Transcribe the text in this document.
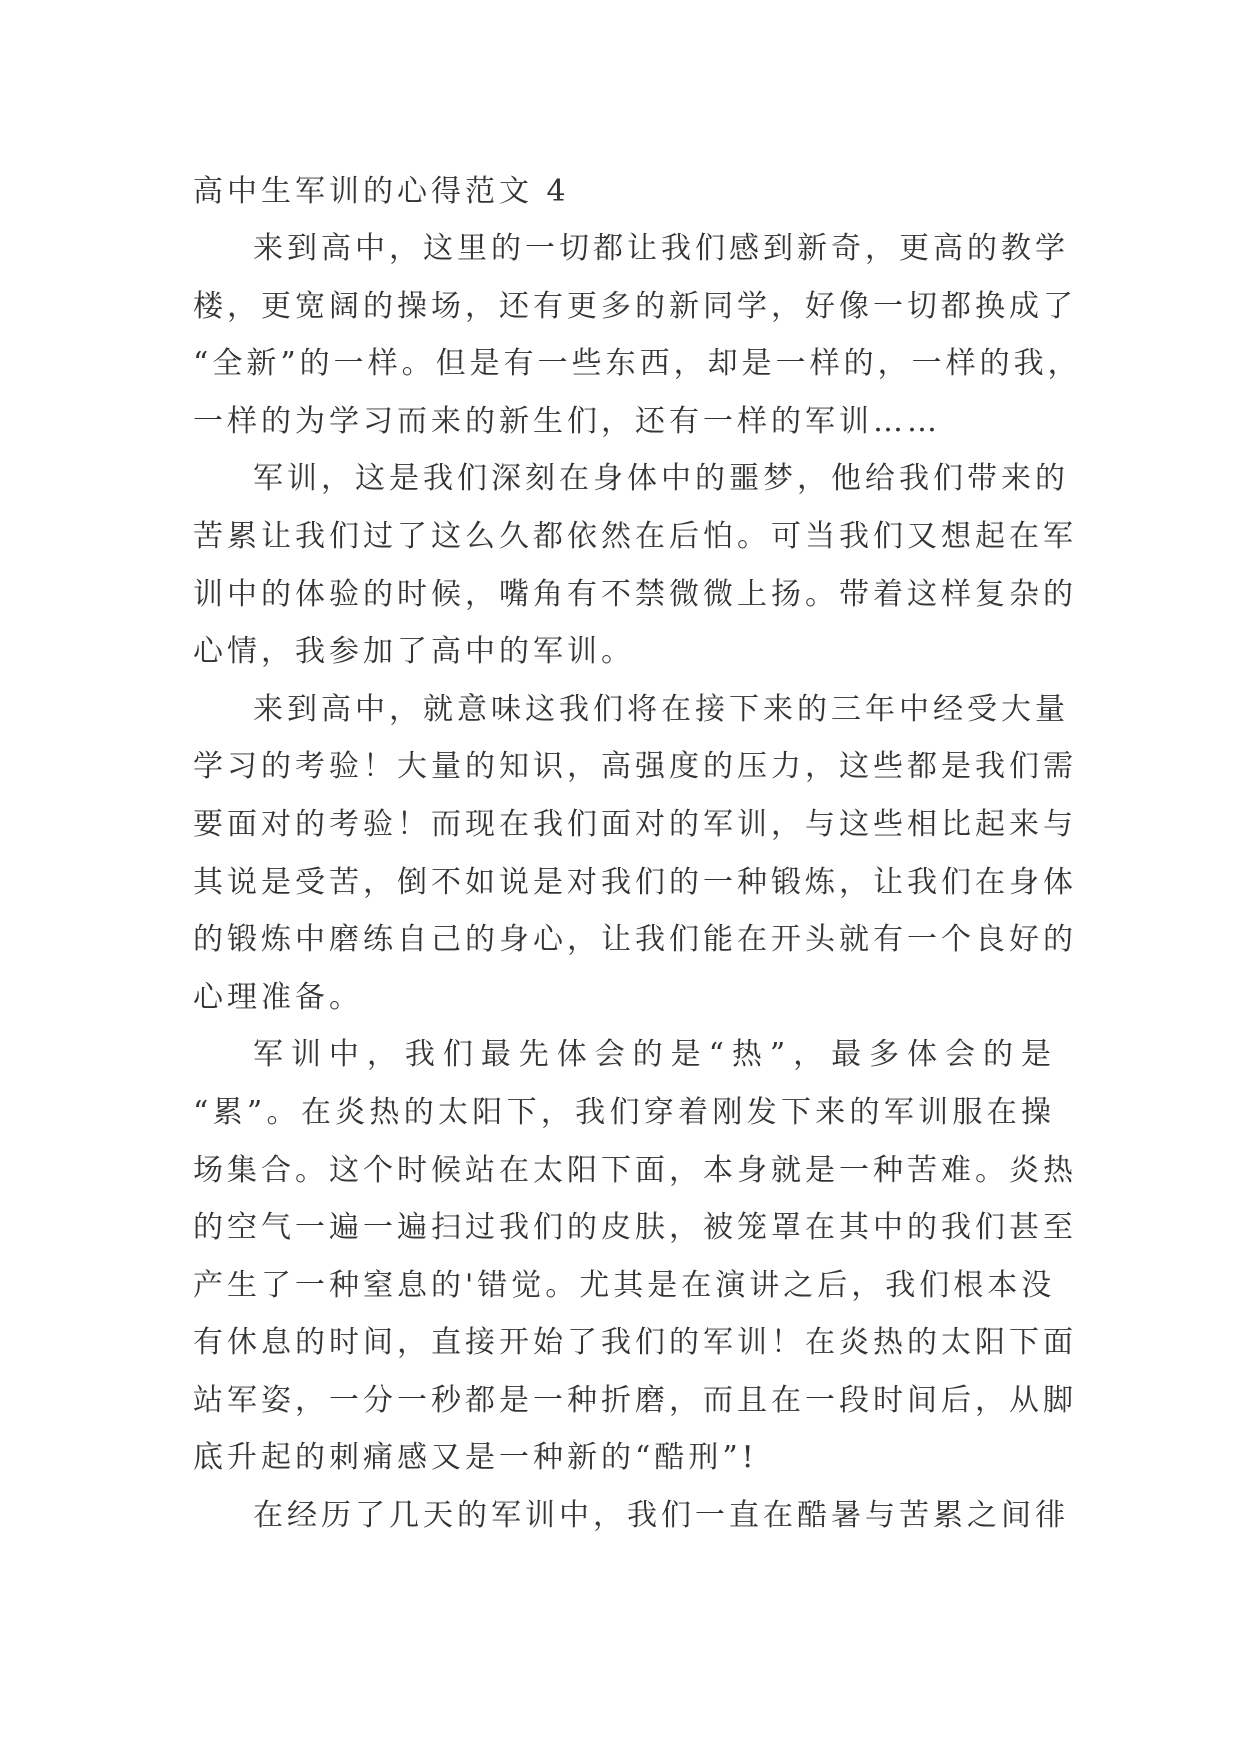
高中生军训的心得范文 4

来到高中，这里的一切都让我们感到新奇，更高的教学
楼，更宽阔的操场，还有更多的新同学，好像一切都换成了
“全新”的一样。但是有一些东西，却是一样的，一样的我，
一样的为学习而来的新生们，还有一样的军训……

军训，这是我们深刻在身体中的噩梦，他给我们带来的
苦累让我们过了这么久都依然在后怕。可当我们又想起在军
训中的体验的时候，嘴角有不禁微微上扬。带着这样复杂的
心情，我参加了高中的军训。

来到高中，就意味这我们将在接下来的三年中经受大量
学习的考验！大量的知识，高强度的压力，这些都是我们需
要面对的考验！而现在我们面对的军训，与这些相比起来与
其说是受苦，倒不如说是对我们的一种锻炼，让我们在身体
的锻炼中磨练自己的身心，让我们能在开头就有一个良好的
心理准备。

军训中，我们最先体会的是“热”，最多体会的是
“累”。在炎热的太阳下，我们穿着刚发下来的军训服在操
场集合。这个时候站在太阳下面，本身就是一种苦难。炎热
的空气一遍一遍扫过我们的皮肤，被笼罩在其中的我们甚至
产生了一种窒息的'错觉。尤其是在演讲之后，我们根本没
有休息的时间，直接开始了我们的军训！在炎热的太阳下面
站军姿，一分一秒都是一种折磨，而且在一段时间后，从脚
底升起的刺痛感又是一种新的“酷刑”!

在经历了几天的军训中，我们一直在酷暑与苦累之间徘
